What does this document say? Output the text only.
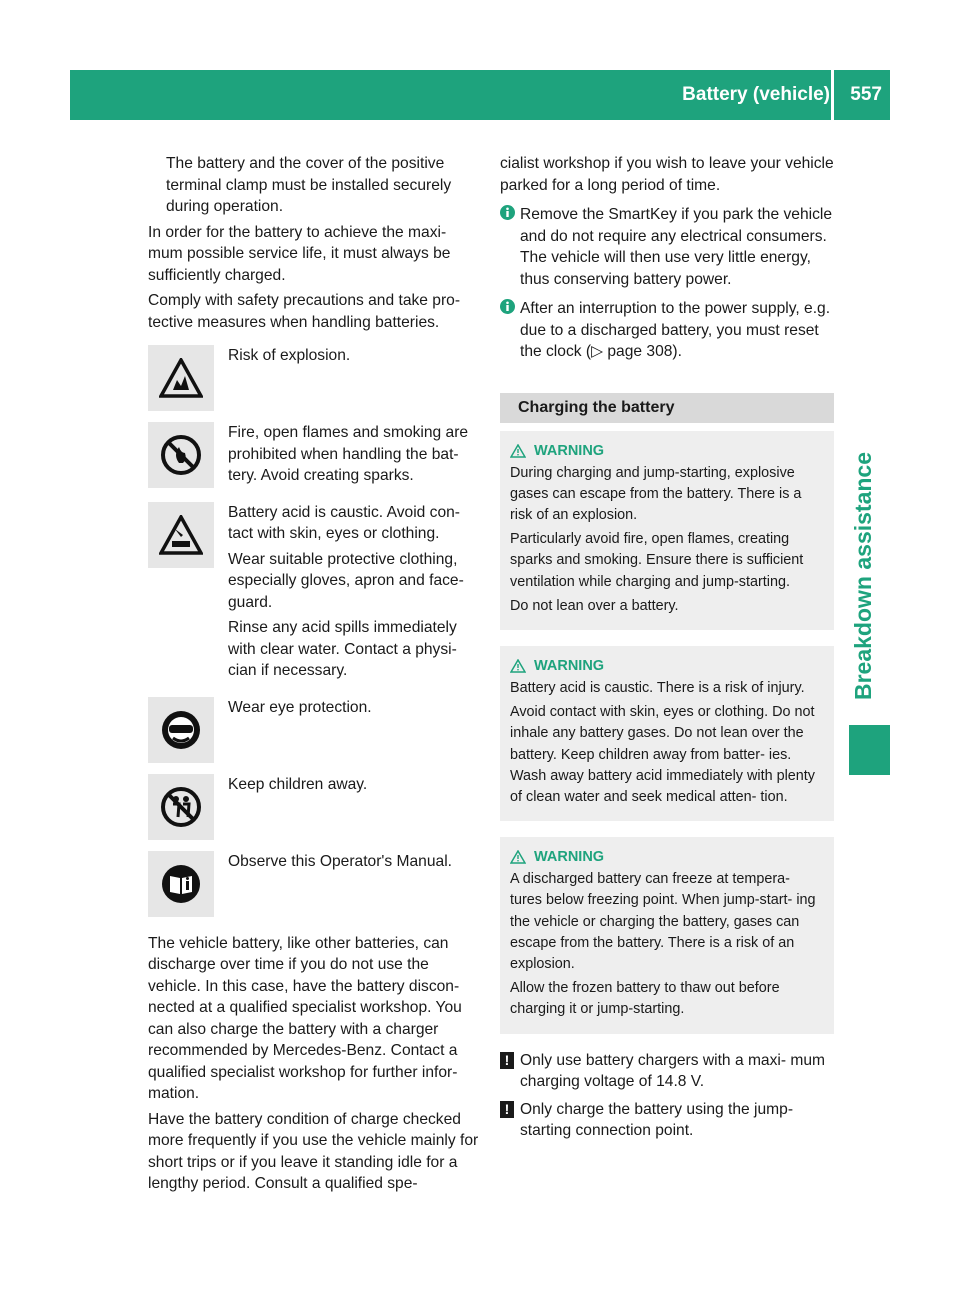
Battery (vehicle) 557
Breakdown assistance

The battery and the cover of the positive terminal clamp must be installed securely during operation.

In order for the battery to achieve the maxi- mum possible service life, it must always be sufficiently charged.

Comply with safety precautions and take pro- tective measures when handling batteries.

Risk of explosion.

Fire, open flames and smoking are prohibited when handling the bat- tery. Avoid creating sparks.

Battery acid is caustic. Avoid con- tact with skin, eyes or clothing.

Wear suitable protective clothing, especially gloves, apron and face- guard.

Rinse any acid spills immediately with clear water. Contact a physi- cian if necessary.

Wear eye protection.

Keep children away.

Observe this Operator's Manual.

The vehicle battery, like other batteries, can discharge over time if you do not use the vehicle. In this case, have the battery discon- nected at a qualified specialist workshop. You can also charge the battery with a charger recommended by Mercedes-Benz. Contact a qualified specialist workshop for further infor- mation.

Have the battery condition of charge checked more frequently if you use the vehicle mainly for short trips or if you leave it standing idle for a lengthy period. Consult a qualified spe-

cialist workshop if you wish to leave your vehicle parked for a long period of time.

Remove the SmartKey if you park the vehicle and do not require any electrical consumers. The vehicle will then use very little energy, thus conserving battery power.

After an interruption to the power supply, e.g. due to a discharged battery, you must reset the clock (▷ page 308).

Charging the battery
WARNING

During charging and jump-starting, explosive gases can escape from the battery. There is a risk of an explosion.

Particularly avoid fire, open flames, creating sparks and smoking. Ensure there is sufficient ventilation while charging and jump-starting.

Do not lean over a battery.

WARNING

Battery acid is caustic. There is a risk of injury.

Avoid contact with skin, eyes or clothing. Do not inhale any battery gases. Do not lean over the battery. Keep children away from batter- ies. Wash away battery acid immediately with plenty of clean water and seek medical atten- tion.

WARNING

A discharged battery can freeze at tempera- tures below freezing point. When jump-start- ing the vehicle or charging the battery, gases can escape from the battery. There is a risk of an explosion.

Allow the frozen battery to thaw out before charging it or jump-starting.

! Only use battery chargers with a maxi- mum charging voltage of 14.8 V.

! Only charge the battery using the jump- starting connection point.
